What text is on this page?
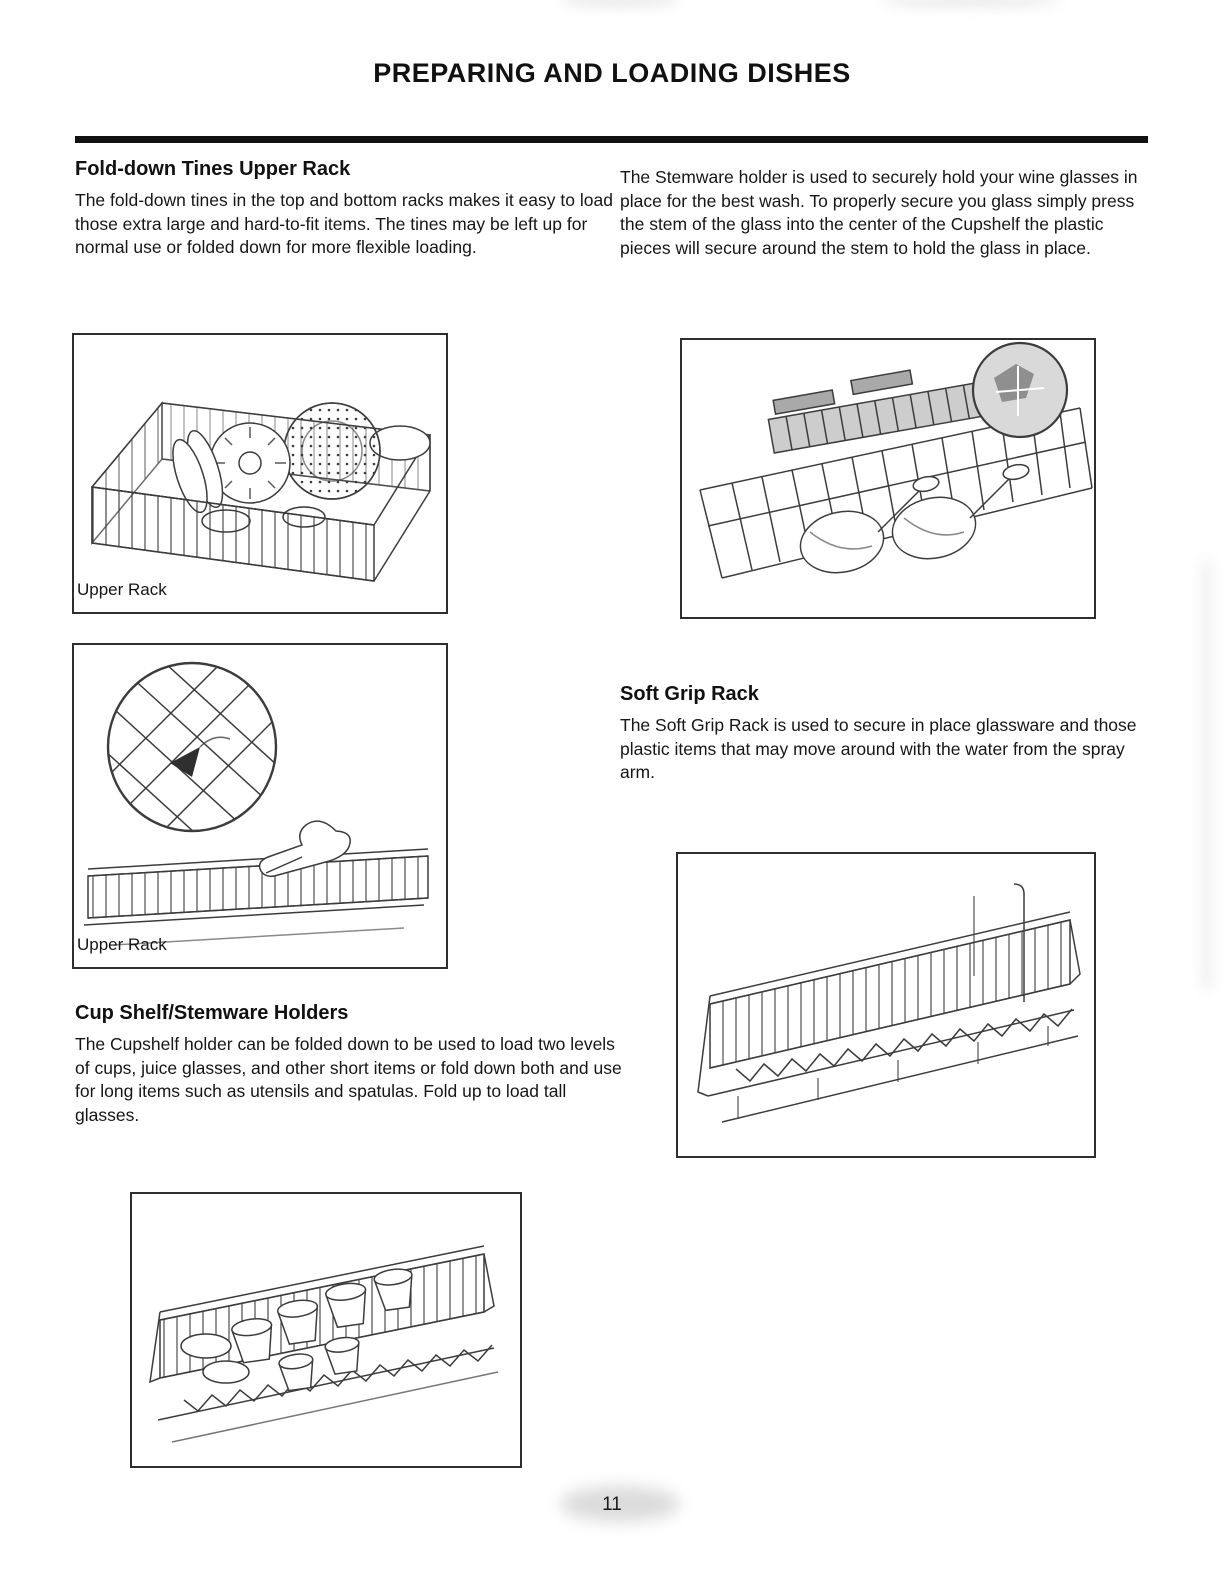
PREPARING AND LOADING DISHES
Fold-down Tines Upper Rack

The fold-down tines in the top and bottom racks makes it easy to load those extra large and hard-to-fit items. The tines may be left up for normal use or folded down for more flexible loading.

Upper Rack
Upper Rack
Cup Shelf/Stemware Holders

The Cupshelf holder can be folded down to be used to load two levels of cups, juice glasses, and other short items or fold down both and use for long items such as utensils and spatulas. Fold up to load tall glasses.

The Stemware holder is used to securely hold your wine glasses in place for the best wash. To properly secure you glass simply press the stem of the glass into the center of the Cupshelf the plastic pieces will secure around the stem to hold the glass in place.

Soft Grip Rack

The Soft Grip Rack is used to secure in place glassware and those plastic items that may move around with the water from the spray arm.

11
